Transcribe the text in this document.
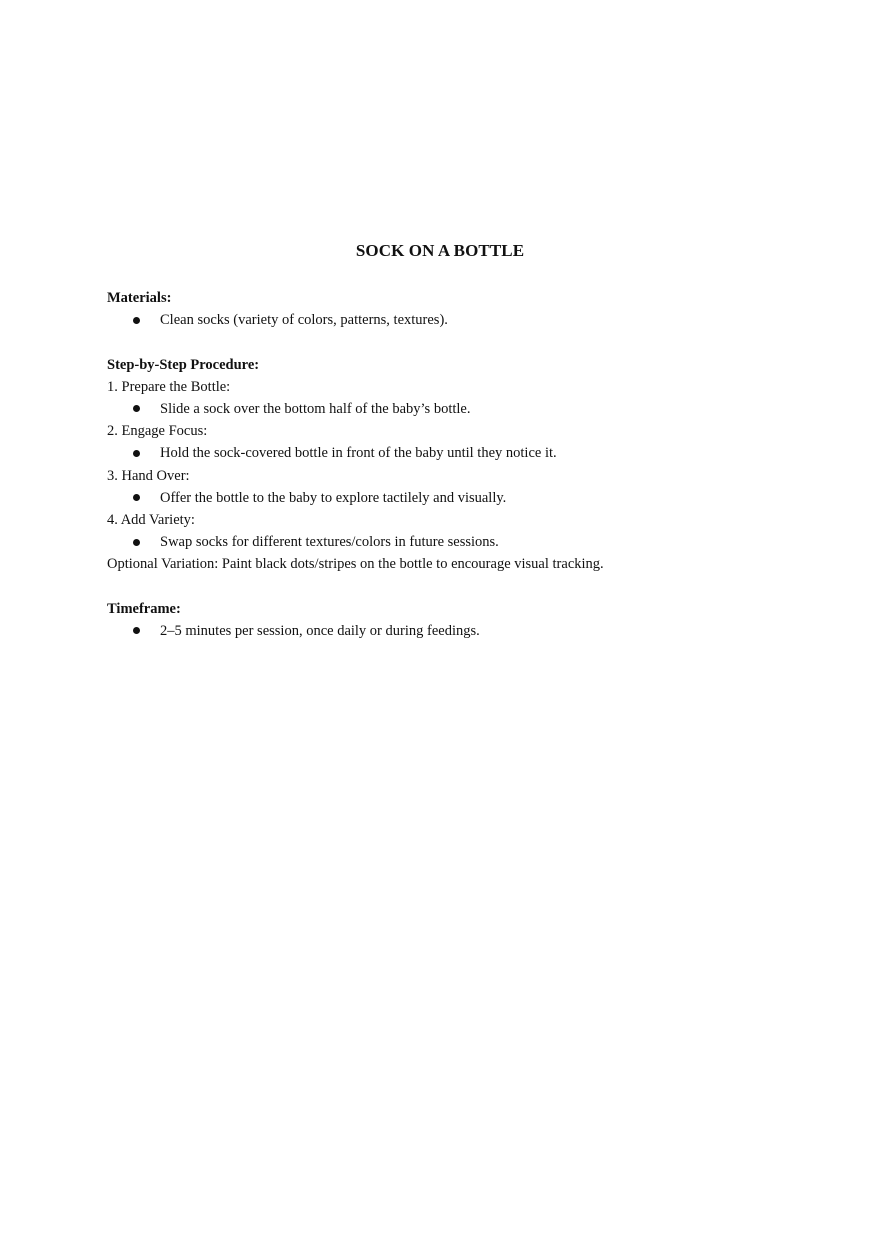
SOCK ON A BOTTLE
Materials:
Clean socks (variety of colors, patterns, textures).
Step-by-Step Procedure:
1. Prepare the Bottle:
Slide a sock over the bottom half of the baby’s bottle.
2. Engage Focus:
Hold the sock-covered bottle in front of the baby until they notice it.
3. Hand Over:
Offer the bottle to the baby to explore tactilely and visually.
4. Add Variety:
Swap socks for different textures/colors in future sessions.
Optional Variation: Paint black dots/stripes on the bottle to encourage visual tracking.
Timeframe:
2–5 minutes per session, once daily or during feedings.
